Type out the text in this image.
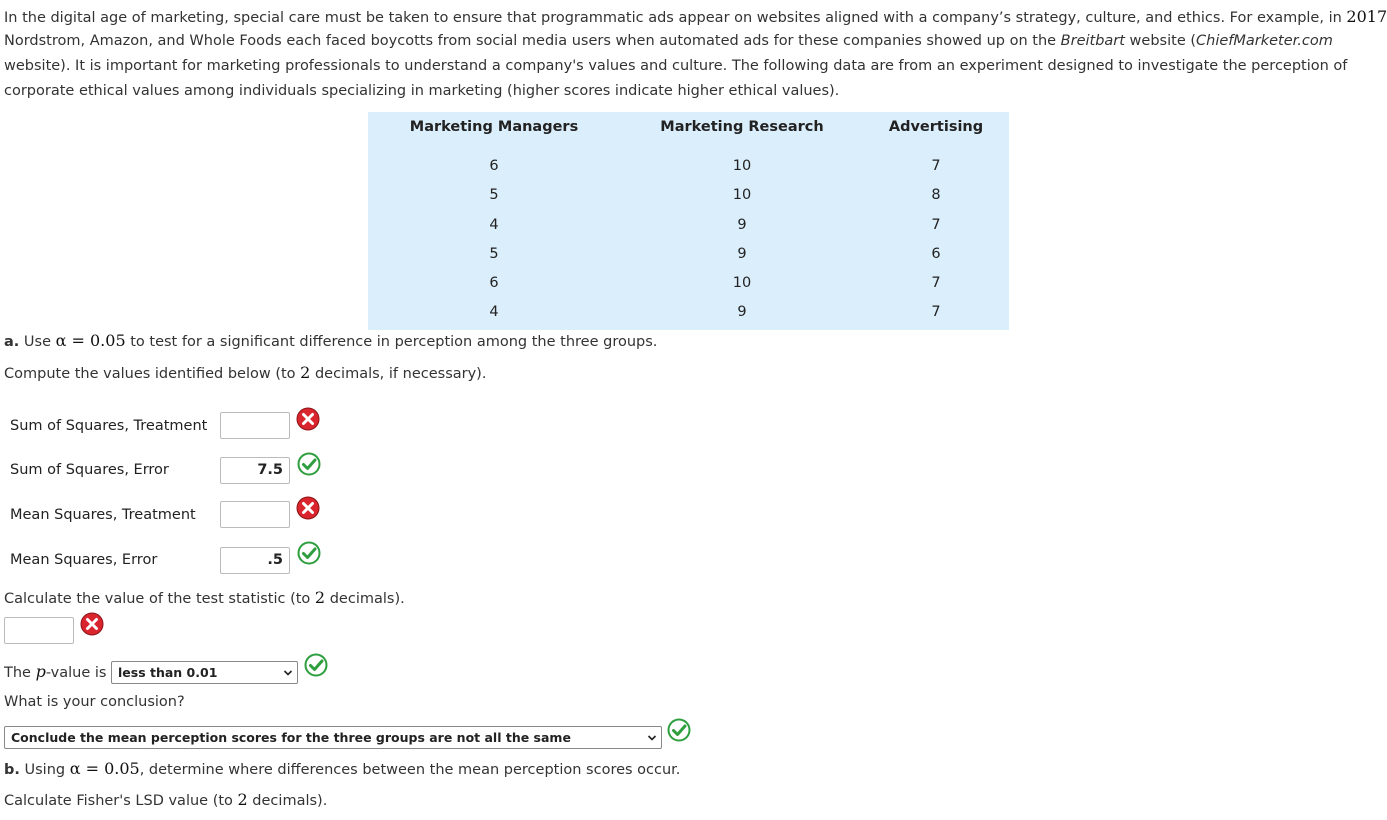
In the digital age of marketing, special care must be taken to ensure that programmatic ads appear on websites aligned with a company’s strategy, culture, and ethics. For example, in 2017
Nordstrom, Amazon, and Whole Foods each faced boycotts from social media users when automated ads for these companies showed up on the Breitbart website (ChiefMarketer.com
website). It is important for marketing professionals to understand a company's values and culture. The following data are from an experiment designed to investigate the perception of
corporate ethical values among individuals specializing in marketing (higher scores indicate higher ethical values).
Marketing Managers	Marketing Research	Advertising
6	10	7
5	10	8
4	9	7
5	9	6
6	10	7
4	9	7
a. Use α = 0.05 to test for a significant difference in perception among the three groups.
Compute the values identified below (to 2 decimals, if necessary).
Sum of Squares, Treatment
Sum of Squares, Error	7.5
Mean Squares, Treatment
Mean Squares, Error	.5
Calculate the value of the test statistic (to 2 decimals).
The p-value is less than 0.01
What is your conclusion?
Conclude the mean perception scores for the three groups are not all the same
b. Using α = 0.05, determine where differences between the mean perception scores occur.
Calculate Fisher's LSD value (to 2 decimals).
